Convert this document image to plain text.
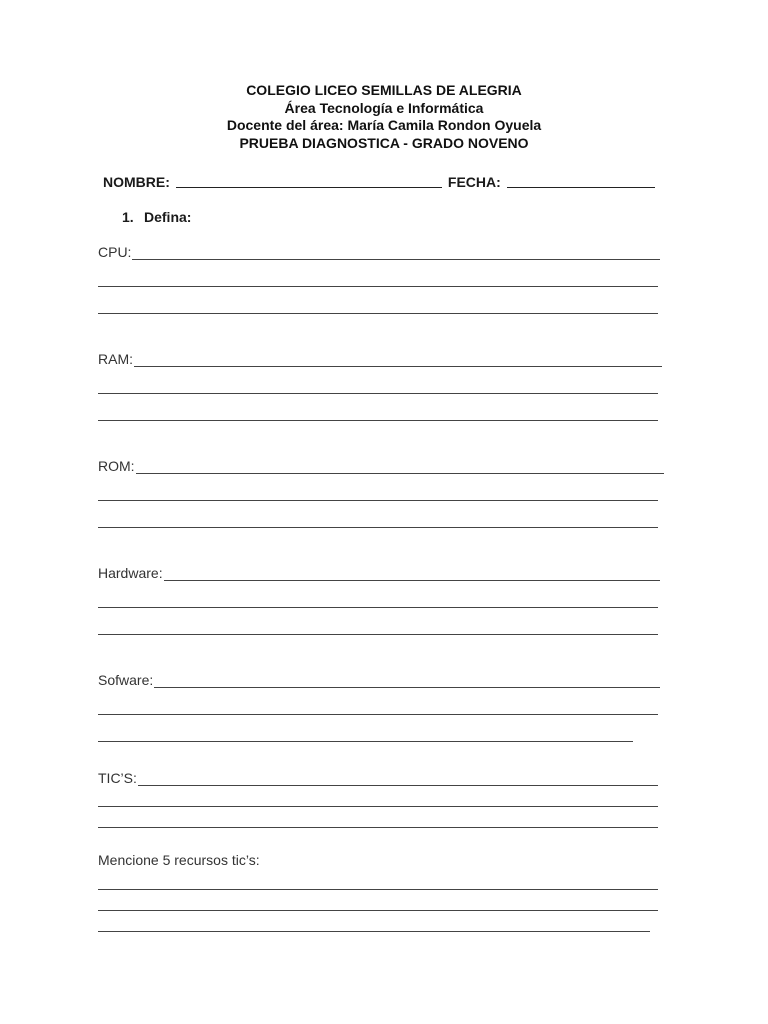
COLEGIO LICEO SEMILLAS DE ALEGRIA
Área Tecnología e Informática
Docente del área: María Camila Rondon Oyuela
PRUEBA DIAGNOSTICA - GRADO NOVENO
NOMBRE:	FECHA:
1. Defina:
CPU:
RAM:
ROM:
Hardware:
Sofware:
TIC’S:
Mencione 5 recursos tic’s:
